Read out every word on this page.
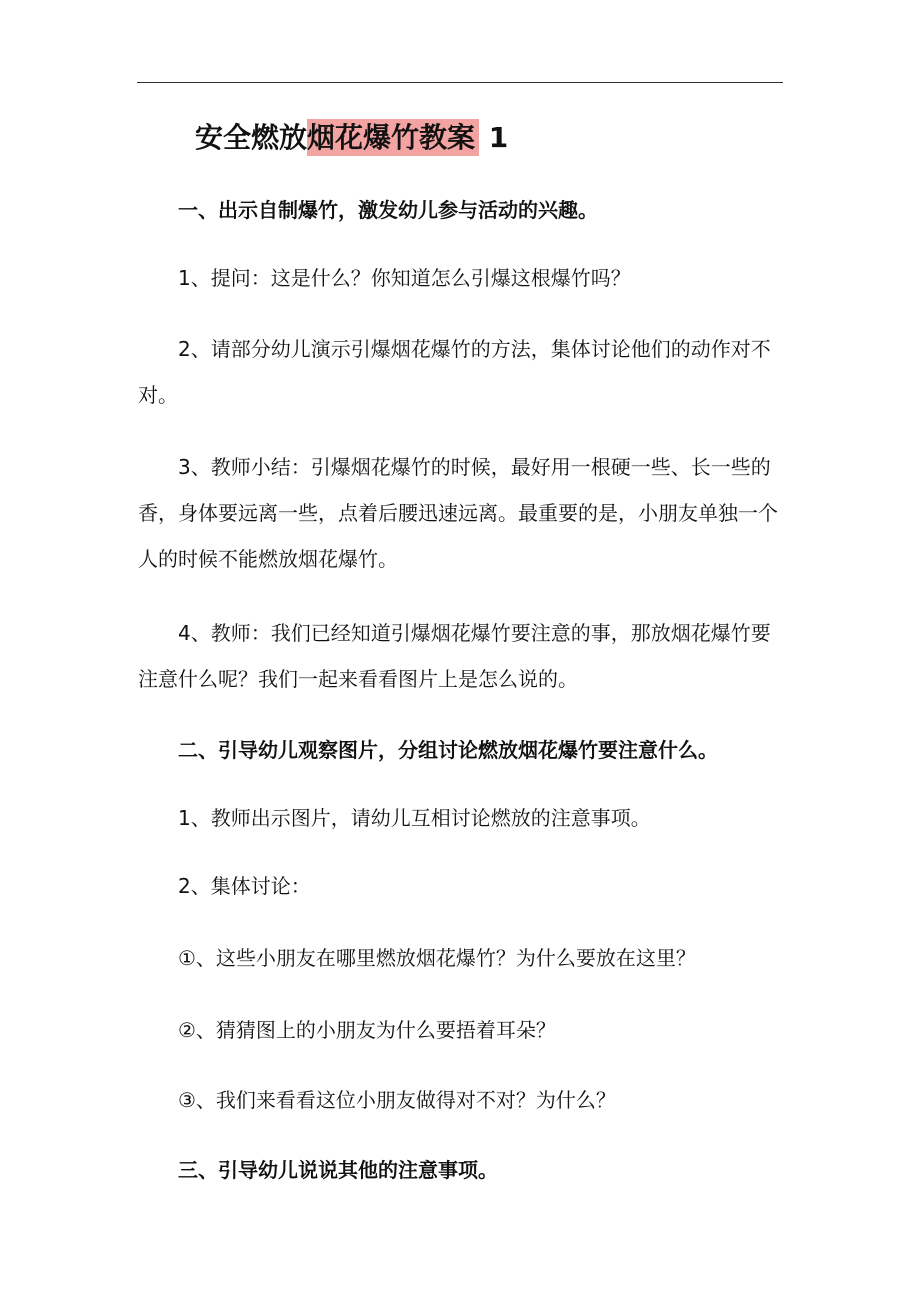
安全燃放烟花爆竹教案 1
一、出示自制爆竹，激发幼儿参与活动的兴趣。
1、提问：这是什么？你知道怎么引爆这根爆竹吗？
2、请部分幼儿演示引爆烟花爆竹的方法，集体讨论他们的动作对不对。
3、教师小结：引爆烟花爆竹的时候，最好用一根硬一些、长一些的香，身体要远离一些，点着后腰迅速远离。最重要的是，小朋友单独一个人的时候不能燃放烟花爆竹。
4、教师：我们已经知道引爆烟花爆竹要注意的事，那放烟花爆竹要注意什么呢？我们一起来看看图片上是怎么说的。
二、引导幼儿观察图片，分组讨论燃放烟花爆竹要注意什么。
1、教师出示图片，请幼儿互相讨论燃放的注意事项。
2、集体讨论：
①、这些小朋友在哪里燃放烟花爆竹？为什么要放在这里？
②、猜猜图上的小朋友为什么要捂着耳朵？
③、我们来看看这位小朋友做得对不对？为什么？
三、引导幼儿说说其他的注意事项。
